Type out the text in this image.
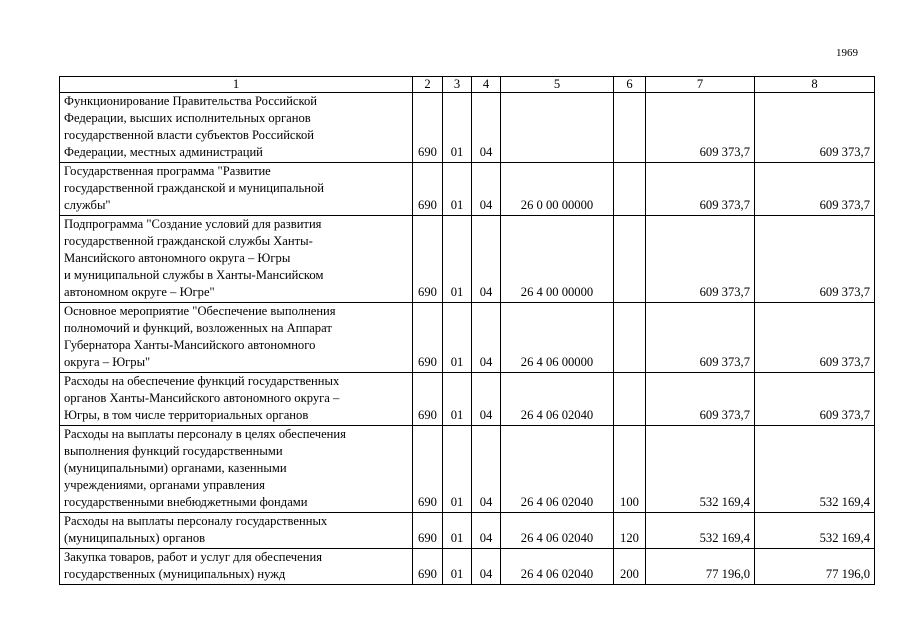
1969
1	2	3	4	5	6	7	8
Функционирование Правительства Российской
Федерации, высших исполнительных органов
государственной власти субъектов Российской
Федерации, местных администраций	690	01	04			609 373,7	609 373,7
Государственная программа "Развитие
государственной гражданской и муниципальной
службы"	690	01	04	26 0 00 00000		609 373,7	609 373,7
Подпрограмма "Создание условий для развития
государственной гражданской службы Ханты-
Мансийского автономного округа – Югры
и муниципальной службы в Ханты-Мансийском
автономном округе – Югре"	690	01	04	26 4 00 00000		609 373,7	609 373,7
Основное мероприятие "Обеспечение выполнения
полномочий и функций, возложенных на Аппарат
Губернатора Ханты-Мансийского автономного
округа – Югры"	690	01	04	26 4 06 00000		609 373,7	609 373,7
Расходы на обеспечение функций государственных
органов Ханты-Мансийского автономного округа –
Югры, в том числе территориальных органов	690	01	04	26 4 06 02040		609 373,7	609 373,7
Расходы на выплаты персоналу в целях обеспечения
выполнения функций государственными
(муниципальными) органами, казенными
учреждениями, органами управления
государственными внебюджетными фондами	690	01	04	26 4 06 02040	100	532 169,4	532 169,4
Расходы на выплаты персоналу государственных
(муниципальных) органов	690	01	04	26 4 06 02040	120	532 169,4	532 169,4
Закупка товаров, работ и услуг для обеспечения
государственных (муниципальных) нужд	690	01	04	26 4 06 02040	200	77 196,0	77 196,0
